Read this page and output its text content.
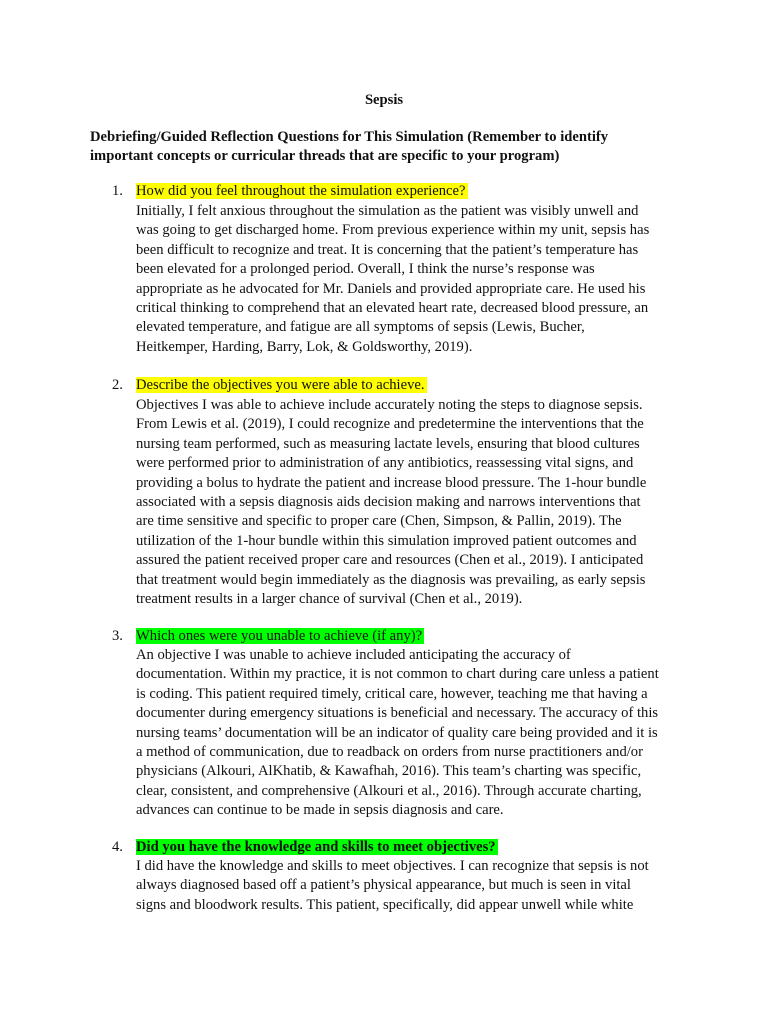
Sepsis
Debriefing/Guided Reflection Questions for This Simulation (Remember to identify
important concepts or curricular threads that are specific to your program)
1. How did you feel throughout the simulation experience?
Initially, I felt anxious throughout the simulation as the patient was visibly unwell and
was going to get discharged home. From previous experience within my unit, sepsis has
been difficult to recognize and treat. It is concerning that the patient’s temperature has
been elevated for a prolonged period. Overall, I think the nurse’s response was
appropriate as he advocated for Mr. Daniels and provided appropriate care. He used his
critical thinking to comprehend that an elevated heart rate, decreased blood pressure, an
elevated temperature, and fatigue are all symptoms of sepsis (Lewis, Bucher,
Heitkemper, Harding, Barry, Lok, & Goldsworthy, 2019).
2. Describe the objectives you were able to achieve.
Objectives I was able to achieve include accurately noting the steps to diagnose sepsis.
From Lewis et al. (2019), I could recognize and predetermine the interventions that the
nursing team performed, such as measuring lactate levels, ensuring that blood cultures
were performed prior to administration of any antibiotics, reassessing vital signs, and
providing a bolus to hydrate the patient and increase blood pressure. The 1-hour bundle
associated with a sepsis diagnosis aids decision making and narrows interventions that
are time sensitive and specific to proper care (Chen, Simpson, & Pallin, 2019). The
utilization of the 1-hour bundle within this simulation improved patient outcomes and
assured the patient received proper care and resources (Chen et al., 2019). I anticipated
that treatment would begin immediately as the diagnosis was prevailing, as early sepsis
treatment results in a larger chance of survival (Chen et al., 2019).
3. Which ones were you unable to achieve (if any)?
An objective I was unable to achieve included anticipating the accuracy of
documentation. Within my practice, it is not common to chart during care unless a patient
is coding. This patient required timely, critical care, however, teaching me that having a
documenter during emergency situations is beneficial and necessary. The accuracy of this
nursing teams’ documentation will be an indicator of quality care being provided and it is
a method of communication, due to readback on orders from nurse practitioners and/or
physicians (Alkouri, AlKhatib, & Kawafhah, 2016). This team’s charting was specific,
clear, consistent, and comprehensive (Alkouri et al., 2016). Through accurate charting,
advances can continue to be made in sepsis diagnosis and care.
4. Did you have the knowledge and skills to meet objectives?
I did have the knowledge and skills to meet objectives. I can recognize that sepsis is not
always diagnosed based off a patient’s physical appearance, but much is seen in vital
signs and bloodwork results. This patient, specifically, did appear unwell while white
